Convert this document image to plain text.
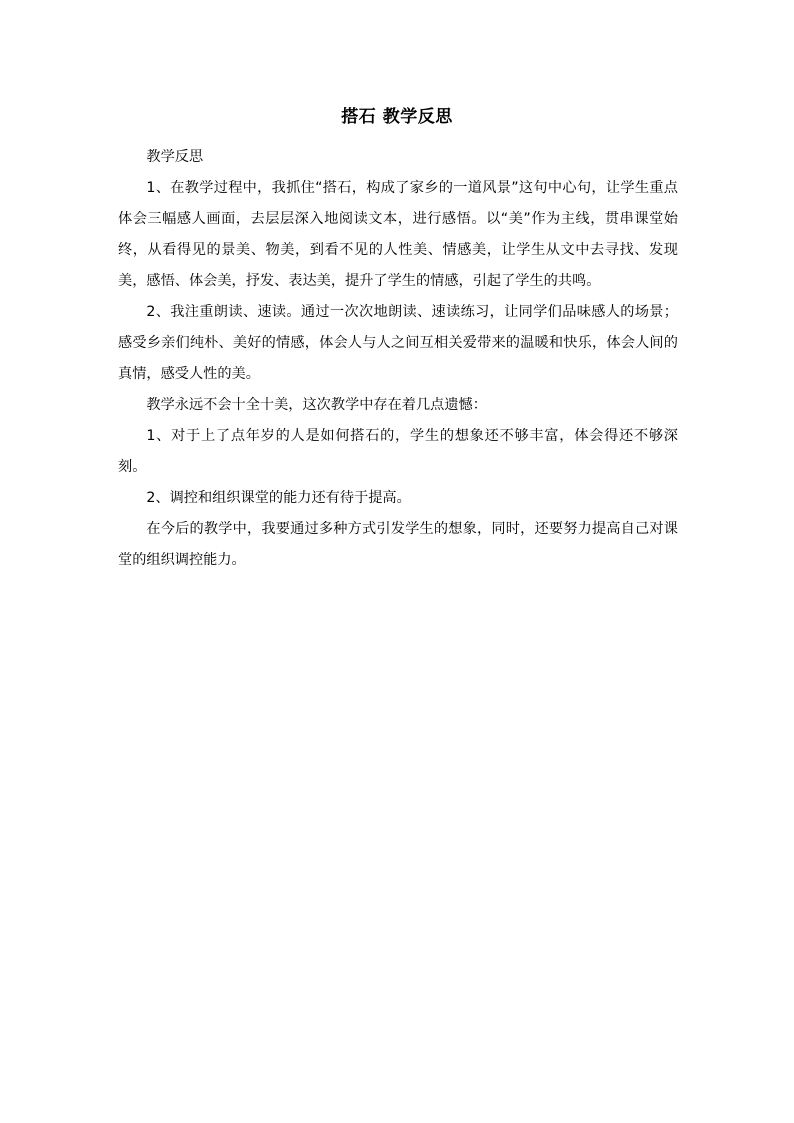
搭石 教学反思

教学反思

1、在教学过程中，我抓住“搭石，构成了家乡的一道风景”这句中心句，让学生重点体会三幅感人画面，去层层深入地阅读文本，进行感悟。以“美”作为主线，贯串课堂始终，从看得见的景美、物美，到看不见的人性美、情感美，让学生从文中去寻找、发现美，感悟、体会美，抒发、表达美，提升了学生的情感，引起了学生的共鸣。

2、我注重朗读、速读。通过一次次地朗读、速读练习，让同学们品味感人的场景；感受乡亲们纯朴、美好的情感，体会人与人之间互相关爱带来的温暖和快乐，体会人间的真情，感受人性的美。

教学永远不会十全十美，这次教学中存在着几点遗憾：

1、对于上了点年岁的人是如何搭石的，学生的想象还不够丰富，体会得还不够深刻。

2、调控和组织课堂的能力还有待于提高。

在今后的教学中，我要通过多种方式引发学生的想象，同时，还要努力提高自己对课堂的组织调控能力。
